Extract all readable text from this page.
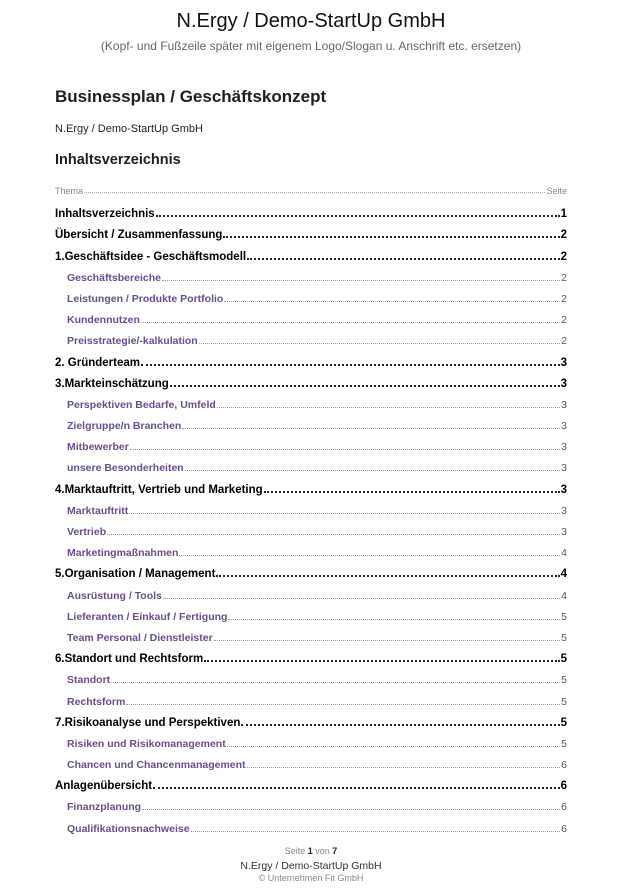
N.Ergy / Demo-StartUp GmbH
(Kopf- und Fußzeile später mit eigenem Logo/Slogan u. Anschrift etc. ersetzen)
Businessplan / Geschäftskonzept
N.Ergy / Demo-StartUp GmbH
Inhaltsverzeichnis
Thema	Seite
Inhaltsverzeichnis	1
Übersicht / Zusammenfassung	2
1.Geschäftsidee - Geschäftsmodell	2
Geschäftsbereiche	2
Leistungen / Produkte Portfolio	2
Kundennutzen	2
Preisstrategie/-kalkulation	2
2. Gründerteam	3
3.Markteinschätzung	3
Perspektiven Bedarfe, Umfeld	3
Zielgruppe/n Branchen	3
Mitbewerber	3
unsere Besonderheiten	3
4.Marktauftritt, Vertrieb und Marketing	3
Marktauftritt	3
Vertrieb	3
Marketingmaßnahmen	4
5.Organisation / Management	4
Ausrüstung / Tools	4
Lieferanten / Einkauf / Fertigung	5
Team Personal / Dienstleister	5
6.Standort und Rechtsform	5
Standort	5
Rechtsform	5
7.Risikoanalyse und Perspektiven	5
Risiken und Risikomanagement	5
Chancen und Chancenmanagement	6
Anlagenübersicht	6
Finanzplanung	6
Qualifikationsnachweise	6
Seite 1 von 7
N.Ergy / Demo-StartUp GmbH
© Unternehmen Fit GmbH
